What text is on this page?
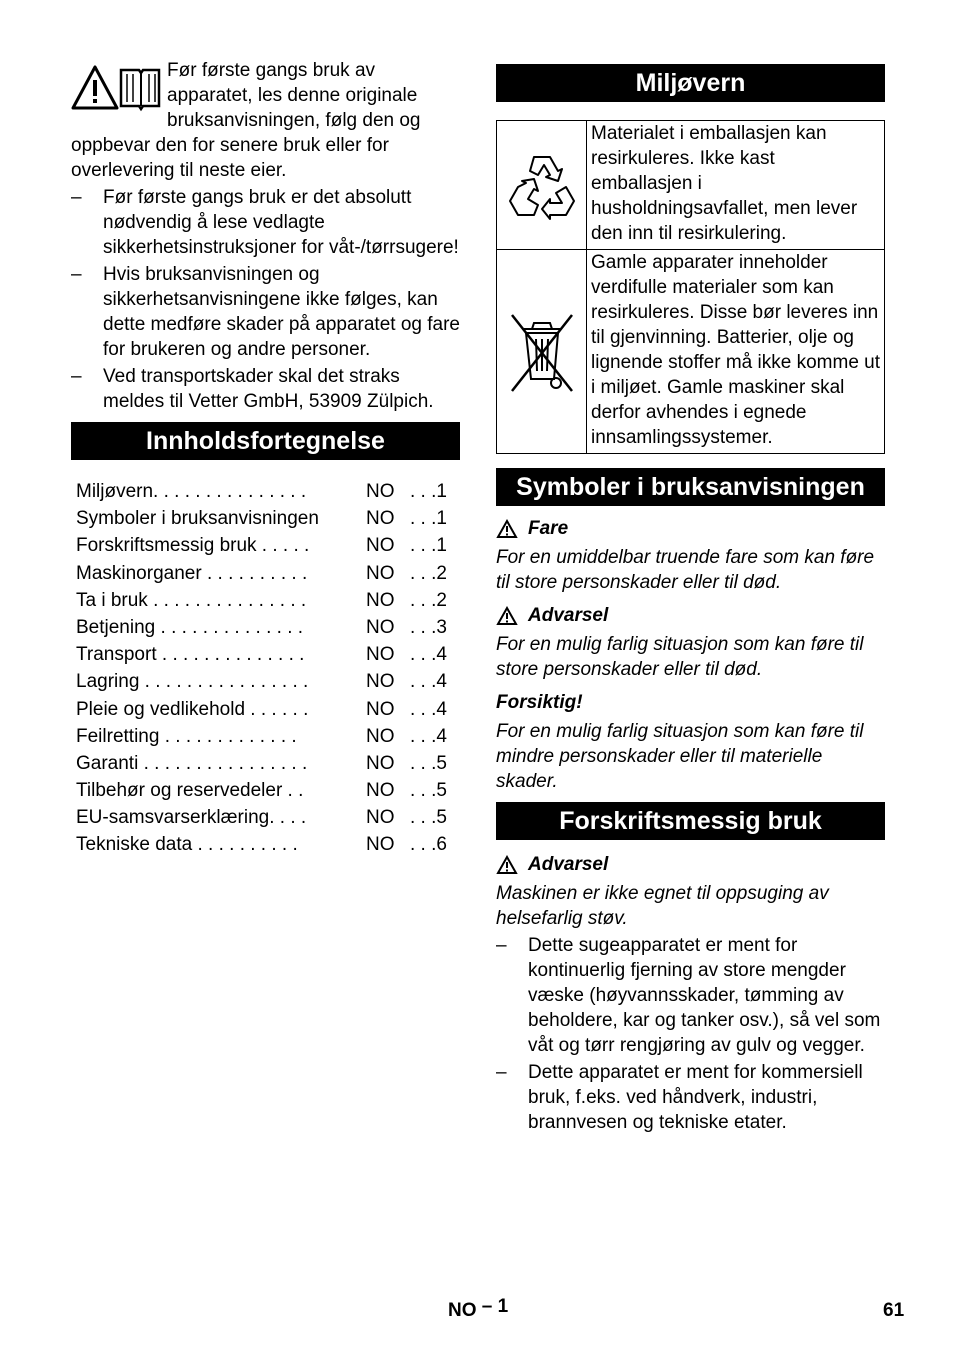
Før første gangs bruk av apparatet, les denne originale bruksanvisningen, følg den og oppbevar den for senere bruk eller for overlevering til neste eier.

–	Før første gangs bruk er det absolutt nødvendig å lese vedlagte sikkerhetsinstruksjoner for våt-/tørrsugere!
–	Hvis bruksanvisningen og sikkerhetsanvisningene ikke følges, kan dette medføre skader på apparatet og fare for brukeren og andre personer.
–	Ved transportskader skal det straks meldes til Vetter GmbH, 53909 Zülpich.
Innholdsfortegnelse
Miljøvern. . . . . . . . . . . . . . .	NO . . .1
Symboler i bruksanvisningen	NO . . .1
Forskriftsmessig bruk . . . . .	NO . . .1
Maskinorganer . . . . . . . . . .	NO . . .2
Ta i bruk . . . . . . . . . . . . . . .	NO . . .2
Betjening . . . . . . . . . . . . . .	NO . . .3
Transport . . . . . . . . . . . . . .	NO . . .4
Lagring . . . . . . . . . . . . . . . .	NO . . .4
Pleie og vedlikehold . . . . . .	NO . . .4
Feilretting . . . . . . . . . . . . .	NO . . .4
Garanti . . . . . . . . . . . . . . . .	NO . . .5
Tilbehør og reservedeler . .	NO . . .5
EU-samsvarserklæring. . . .	NO . . .5
Tekniske data . . . . . . . . . .	NO . . .6
Miljøvern
Materialet i emballasjen kan resirkuleres. Ikke kast emballasjen i husholdningsavfallet, men lever den inn til resirkulering.
Gamle apparater inneholder verdifulle materialer som kan resirkuleres. Disse bør leveres inn til gjenvinning. Batterier, olje og lignende stoffer må ikke komme ut i miljøet. Gamle maskiner skal derfor avhendes i egnede innsamlingssystemer.
Symboler i bruksanvisningen
Fare
For en umiddelbar truende fare som kan føre til store personskader eller til død.
Advarsel
For en mulig farlig situasjon som kan føre til store personskader eller til død.
Forsiktig!
For en mulig farlig situasjon som kan føre til mindre personskader eller til materielle skader.
Forskriftsmessig bruk
Advarsel
Maskinen er ikke egnet til oppsuging av helsefarlig støv.
–	Dette sugeapparatet er ment for kontinuerlig fjerning av store mengder væske (høyvannsskader, tømming av beholdere, kar og tanker osv.), så vel som våt og tørr rengjøring av gulv og vegger.
–	Dette apparatet er ment for kommersiell bruk, f.eks. ved håndverk, industri, brannvesen og tekniske etater.
NO – 1	61
